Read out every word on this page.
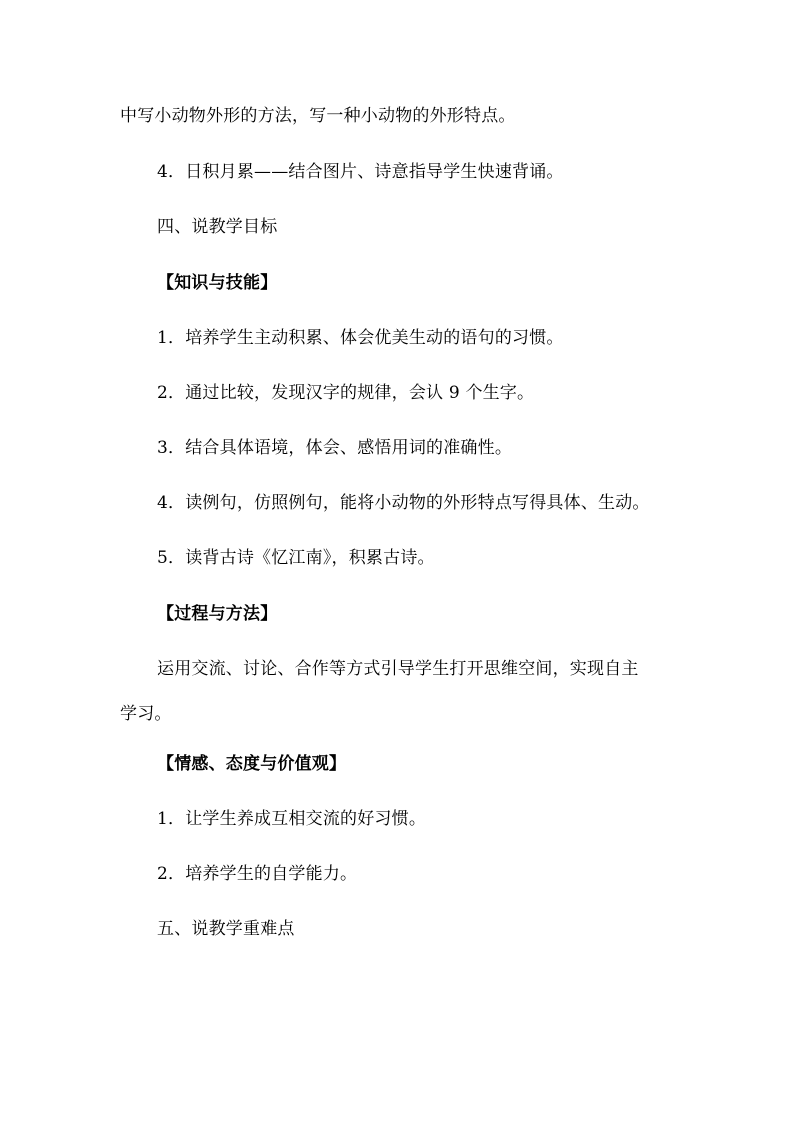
中写小动物外形的方法，写一种小动物的外形特点。
4．日积月累——结合图片、诗意指导学生快速背诵。
四、说教学目标
【知识与技能】
1．培养学生主动积累、体会优美生动的语句的习惯。
2．通过比较，发现汉字的规律，会认 9 个生字。
3．结合具体语境，体会、感悟用词的准确性。
4．读例句，仿照例句，能将小动物的外形特点写得具体、生动。
5．读背古诗《忆江南》，积累古诗。
【过程与方法】
运用交流、讨论、合作等方式引导学生打开思维空间，实现自主
学习。
【情感、态度与价值观】
1．让学生养成互相交流的好习惯。
2．培养学生的自学能力。
五、说教学重难点
